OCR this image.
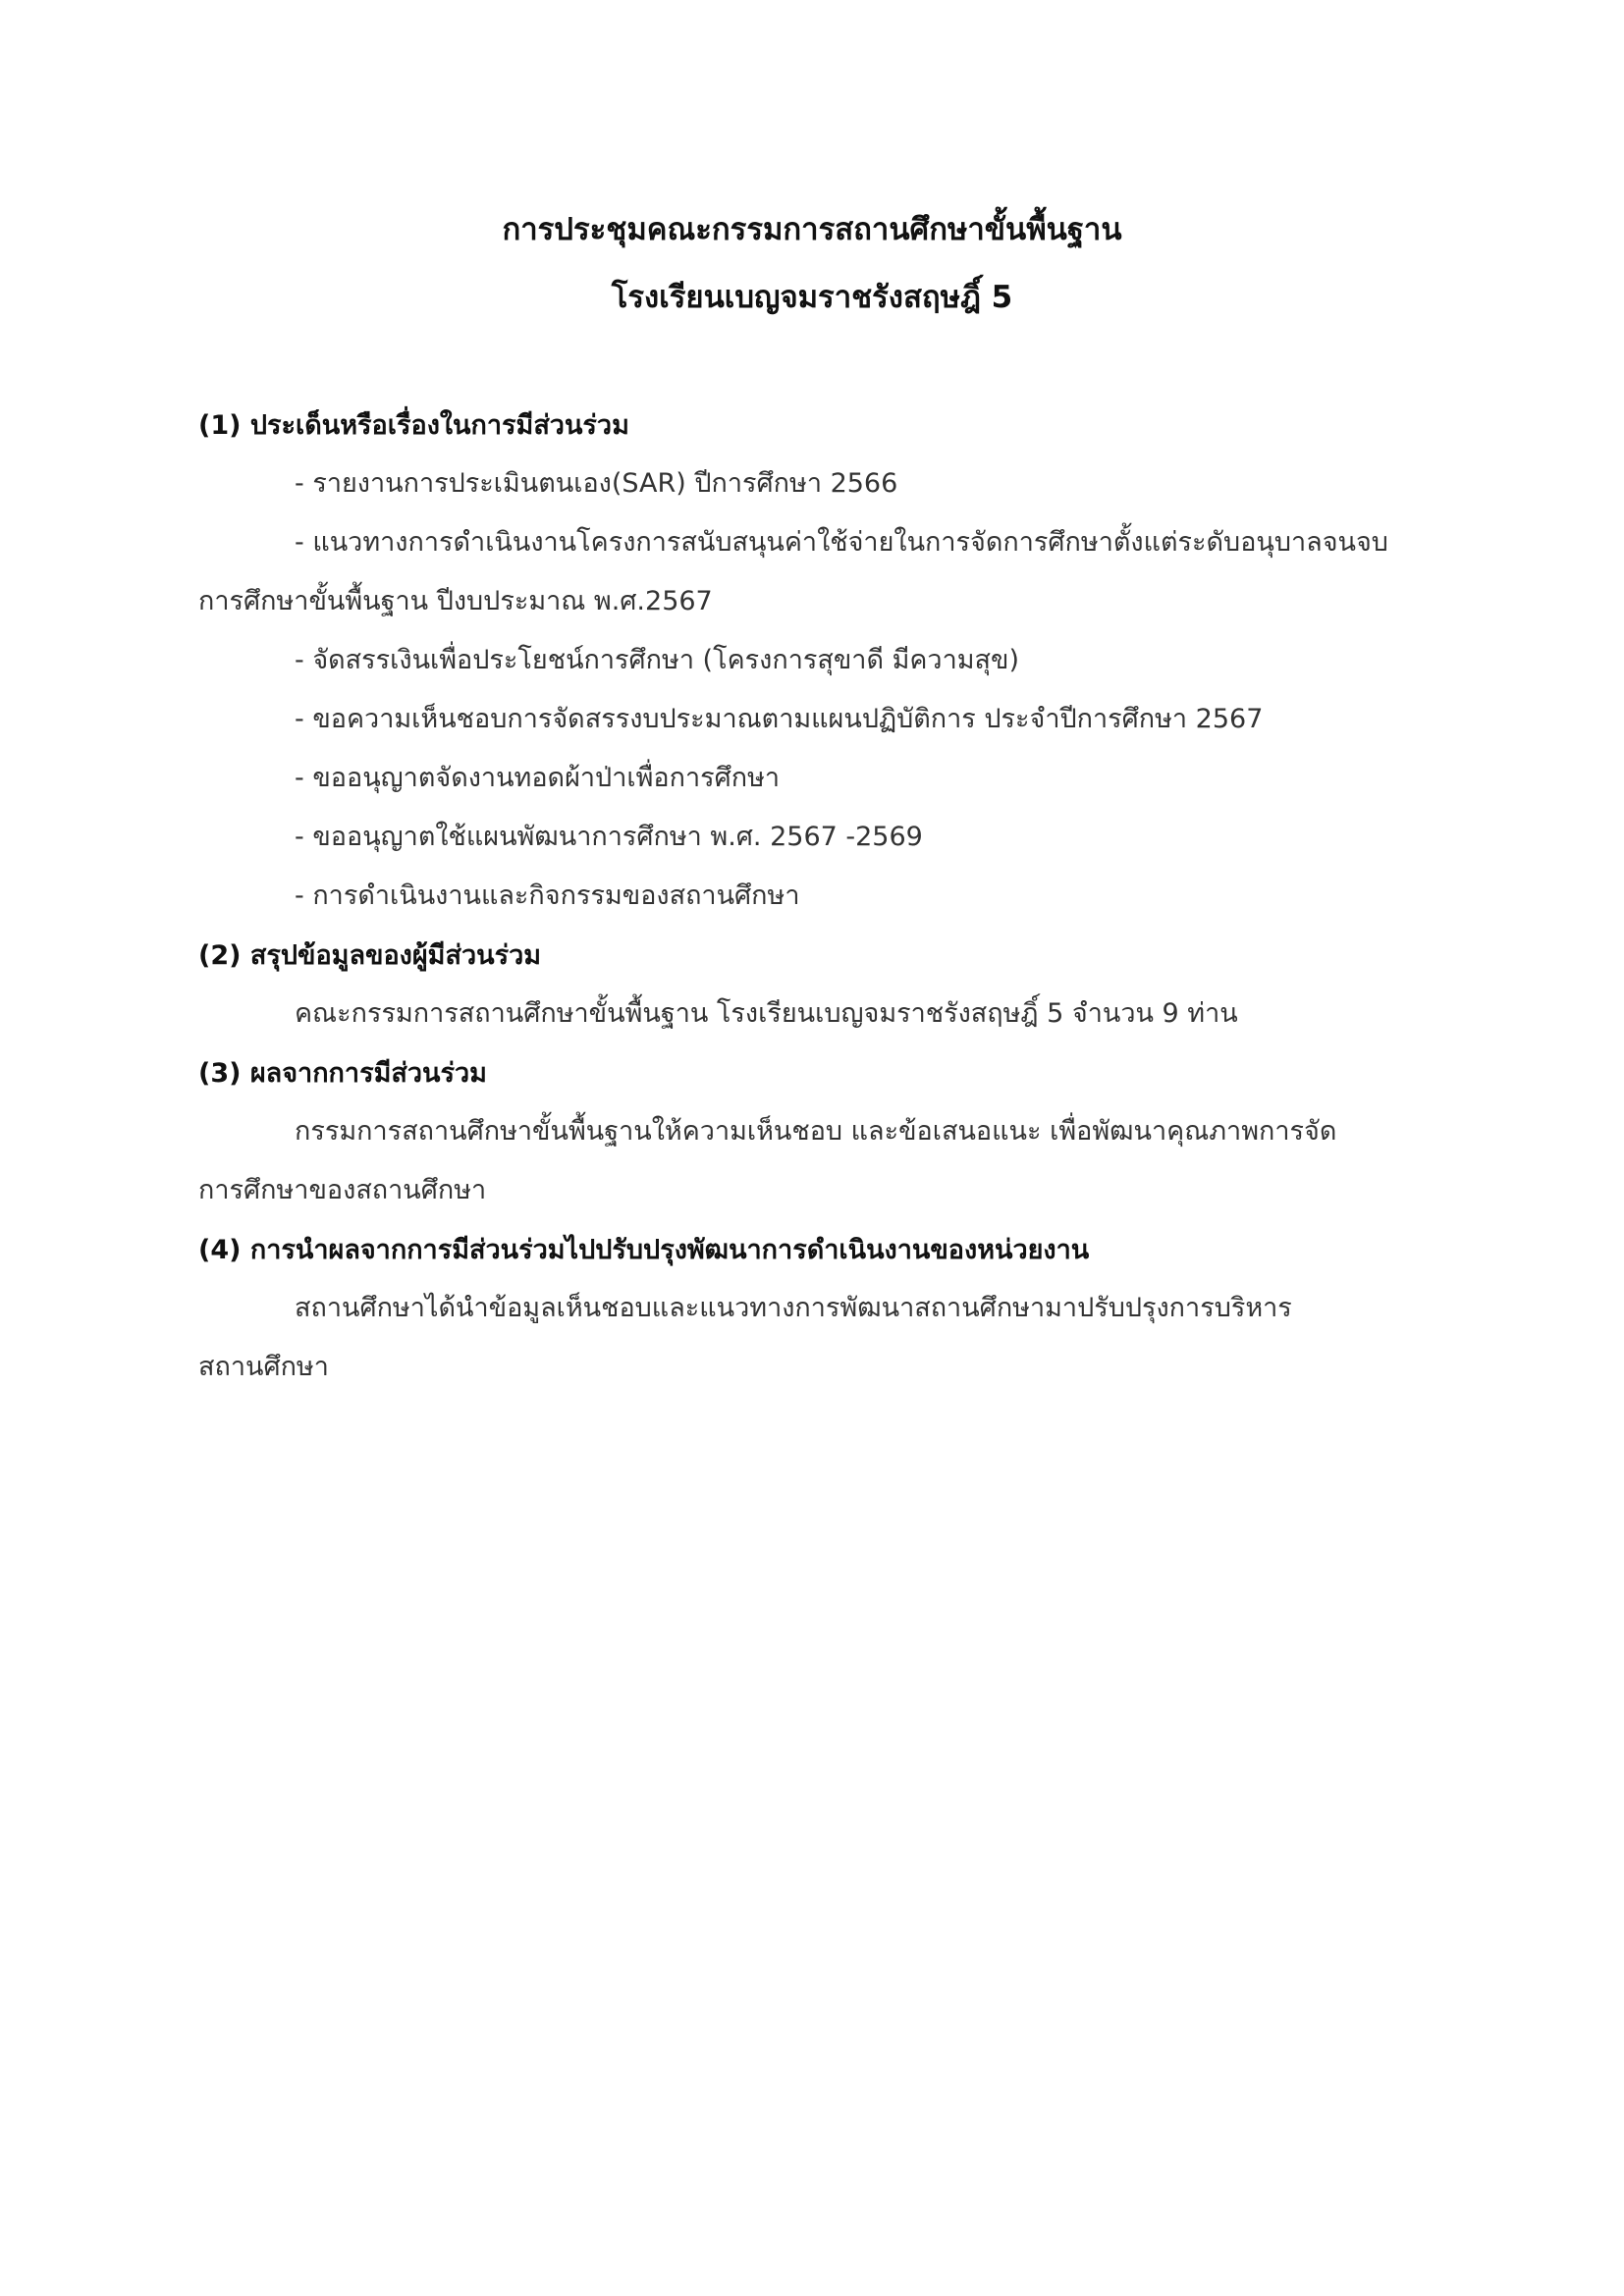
การประชุมคณะกรรมการสถานศึกษาขั้นพื้นฐาน
โรงเรียนเบญจมราชรังสฤษฎิ์ 5
(1) ประเด็นหรือเรื่องในการมีส่วนร่วม
- รายงานการประเมินตนเอง(SAR) ปีการศึกษา 2566
- แนวทางการดำเนินงานโครงการสนับสนุนค่าใช้จ่ายในการจัดการศึกษาตั้งแต่ระดับอนุบาลจนจบ
การศึกษาขั้นพื้นฐาน ปีงบประมาณ พ.ศ.2567
- จัดสรรเงินเพื่อประโยชน์การศึกษา (โครงการสุขาดี มีความสุข)
- ขอความเห็นชอบการจัดสรรงบประมาณตามแผนปฏิบัติการ ประจำปีการศึกษา 2567
- ขออนุญาตจัดงานทอดผ้าป่าเพื่อการศึกษา
- ขออนุญาตใช้แผนพัฒนาการศึกษา พ.ศ. 2567 -2569
- การดำเนินงานและกิจกรรมของสถานศึกษา
(2) สรุปข้อมูลของผู้มีส่วนร่วม
คณะกรรมการสถานศึกษาขั้นพื้นฐาน โรงเรียนเบญจมราชรังสฤษฎิ์ 5 จำนวน 9 ท่าน
(3) ผลจากการมีส่วนร่วม
กรรมการสถานศึกษาขั้นพื้นฐานให้ความเห็นชอบ และข้อเสนอแนะ เพื่อพัฒนาคุณภาพการจัด
การศึกษาของสถานศึกษา
(4) การนำผลจากการมีส่วนร่วมไปปรับปรุงพัฒนาการดำเนินงานของหน่วยงาน
สถานศึกษาได้นำข้อมูลเห็นชอบและแนวทางการพัฒนาสถานศึกษามาปรับปรุงการบริหาร
สถานศึกษา
